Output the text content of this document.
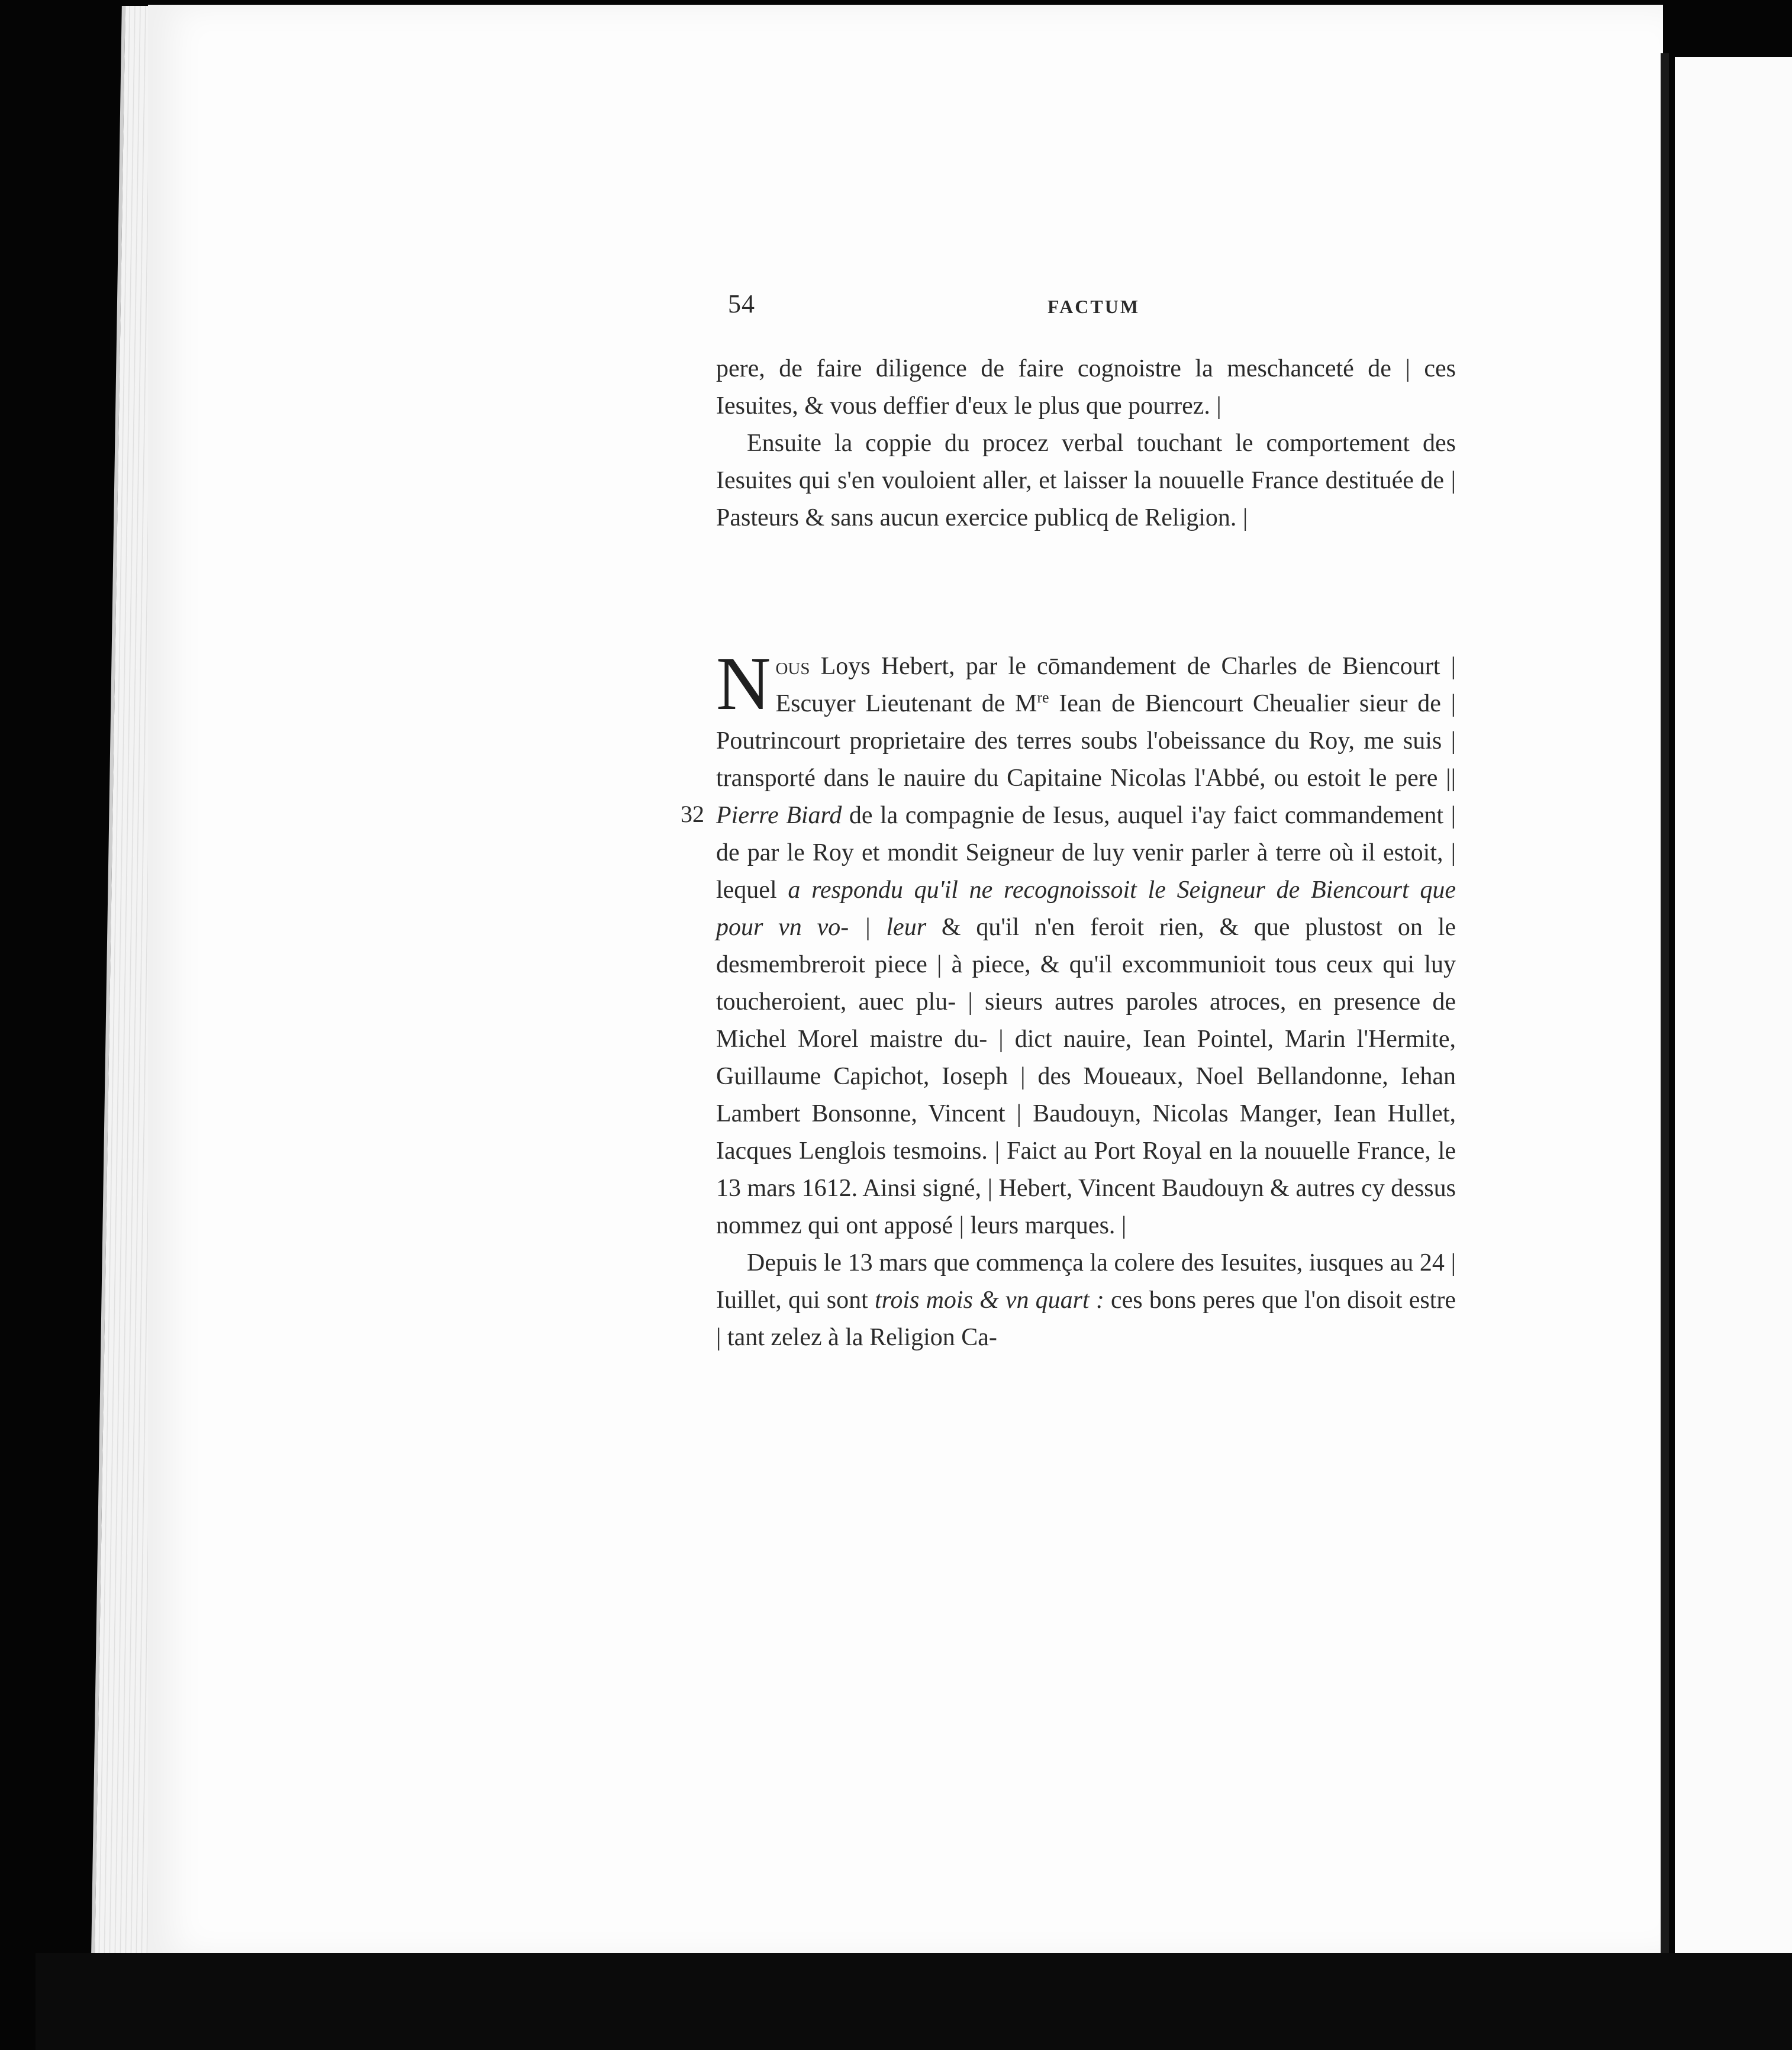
54	FACTUM

pere, de faire diligence de faire cognoistre la meschanceté de | ces Iesuites, & vous deffier d'eux le plus que pourrez. |

Ensuite la coppie du procez verbal touchant le comportement des Iesuites qui s'en vouloient aller, et laisser la nouuelle France destituée de | Pasteurs & sans aucun exercice publicq de Religion. |

32

Nous Loys Hebert, par le cōmandement de Charles de Biencourt | Escuyer Lieutenant de Mre Iean de Biencourt Cheualier sieur de | Poutrincourt proprietaire des terres soubs l'obeissance du Roy, me suis | transporté dans le nauire du Capitaine Nicolas l'Abbé, ou estoit le pere || Pierre Biard de la compagnie de Iesus, auquel i'ay faict commandement | de par le Roy et mondit Seigneur de luy venir parler à terre où il estoit, | lequel a respondu qu'il ne recognoissoit le Seigneur de Biencourt que pour vn vo- | leur & qu'il n'en feroit rien, & que plustost on le desmembreroit piece | à piece, & qu'il excommunioit tous ceux qui luy toucheroient, auec plu- | sieurs autres paroles atroces, en presence de Michel Morel maistre du- | dict nauire, Iean Pointel, Marin l'Hermite, Guillaume Capichot, Ioseph | des Moueaux, Noel Bellandonne, Iehan Lambert Bonsonne, Vincent | Baudouyn, Nicolas Manger, Iean Hullet, Iacques Lenglois tesmoins. | Faict au Port Royal en la nouuelle France, le 13 mars 1612. Ainsi signé, | Hebert, Vincent Baudouyn & autres cy dessus nommez qui ont apposé | leurs marques. |

Depuis le 13 mars que commença la colere des Iesuites, iusques au 24 | Iuillet, qui sont trois mois & vn quart : ces bons peres que l'on disoit estre | tant zelez à la Religion Ca-
